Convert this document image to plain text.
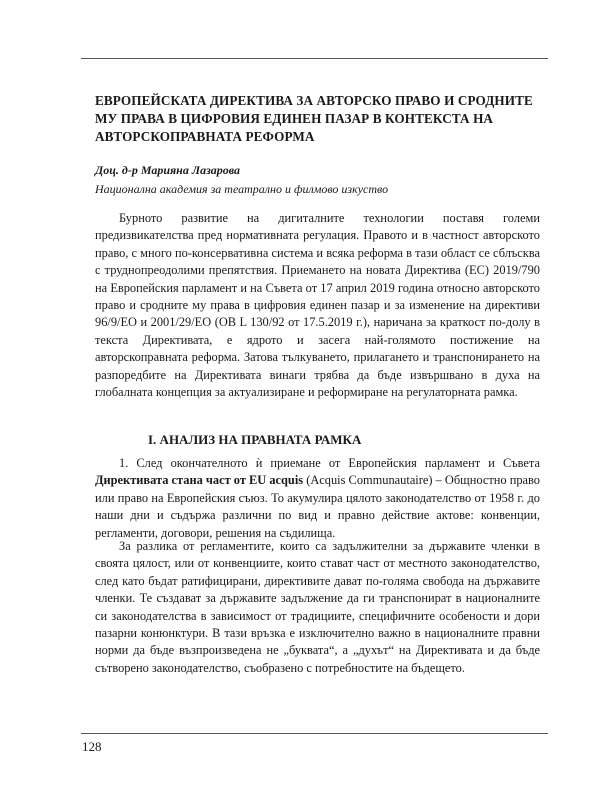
ЕВРОПЕЙСКАТА ДИРЕКТИВА ЗА АВТОРСКО ПРАВО И СРОДНИТЕ МУ ПРАВА В ЦИФРОВИЯ ЕДИНЕН ПАЗАР В КОНТЕКСТА НА АВТОРСКОПРАВНАТА РЕФОРМА

Доц. д-р Марияна Лазарова

Национална академия за театрално и филмово изкуство

Бурното развитие на дигиталните технологии поставя големи предизвикателства пред нормативната регулация. Правото и в частност авторското право, с много по-консервативна система и всяка реформа в тази област се сблъсква с труднопреодолими препятствия. Приемането на новата Директива (ЕС) 2019/790 на Европейския парламент и на Съвета от 17 април 2019 година относно авторското право и сродните му права в цифровия единен пазар и за изменение на директиви 96/9/ЕО и 2001/29/ЕО (OB L 130/92 от 17.5.2019 г.), наричана за краткост по-долу в текста Директивата, е ядрото и засега най-голямото постижение на авторскоправната реформа. Затова тълкуването, прилагането и транспонирането на разпоредбите на Директивата винаги трябва да бъде извършвано в духа на глобалната концепция за актуализиране и реформиране на регулаторната рамка.

I. АНАЛИЗ НА ПРАВНАТА РАМКА

1. След окончателното ѝ приемане от Европейския парламент и Съвета Директивата стана част от EU acquis (Acquis Communautaire) – Общностно право или право на Европейския съюз. То акумулира цялото законодателство от 1958 г. до наши дни и съдържа различни по вид и правно действие актове: конвенции, регламенти, договори, решения на съдилища.

За разлика от регламентите, които са задължителни за държавите членки в своята цялост, или от конвенциите, които стават част от местното законодателство, след като бъдат ратифицирани, директивите дават по-голяма свобода на държавите членки. Те създават за държавите задължение да ги транспонират в националните си законодателства в зависимост от традициите, специфичните особености и дори пазарни конюнктури. В тази връзка е изключително важно в националните правни норми да бъде възпроизведена не „буквата“, а „духът“ на Директивата и да бъде сътворено законодателство, съобразено с потребностите на бъдещето.

128
